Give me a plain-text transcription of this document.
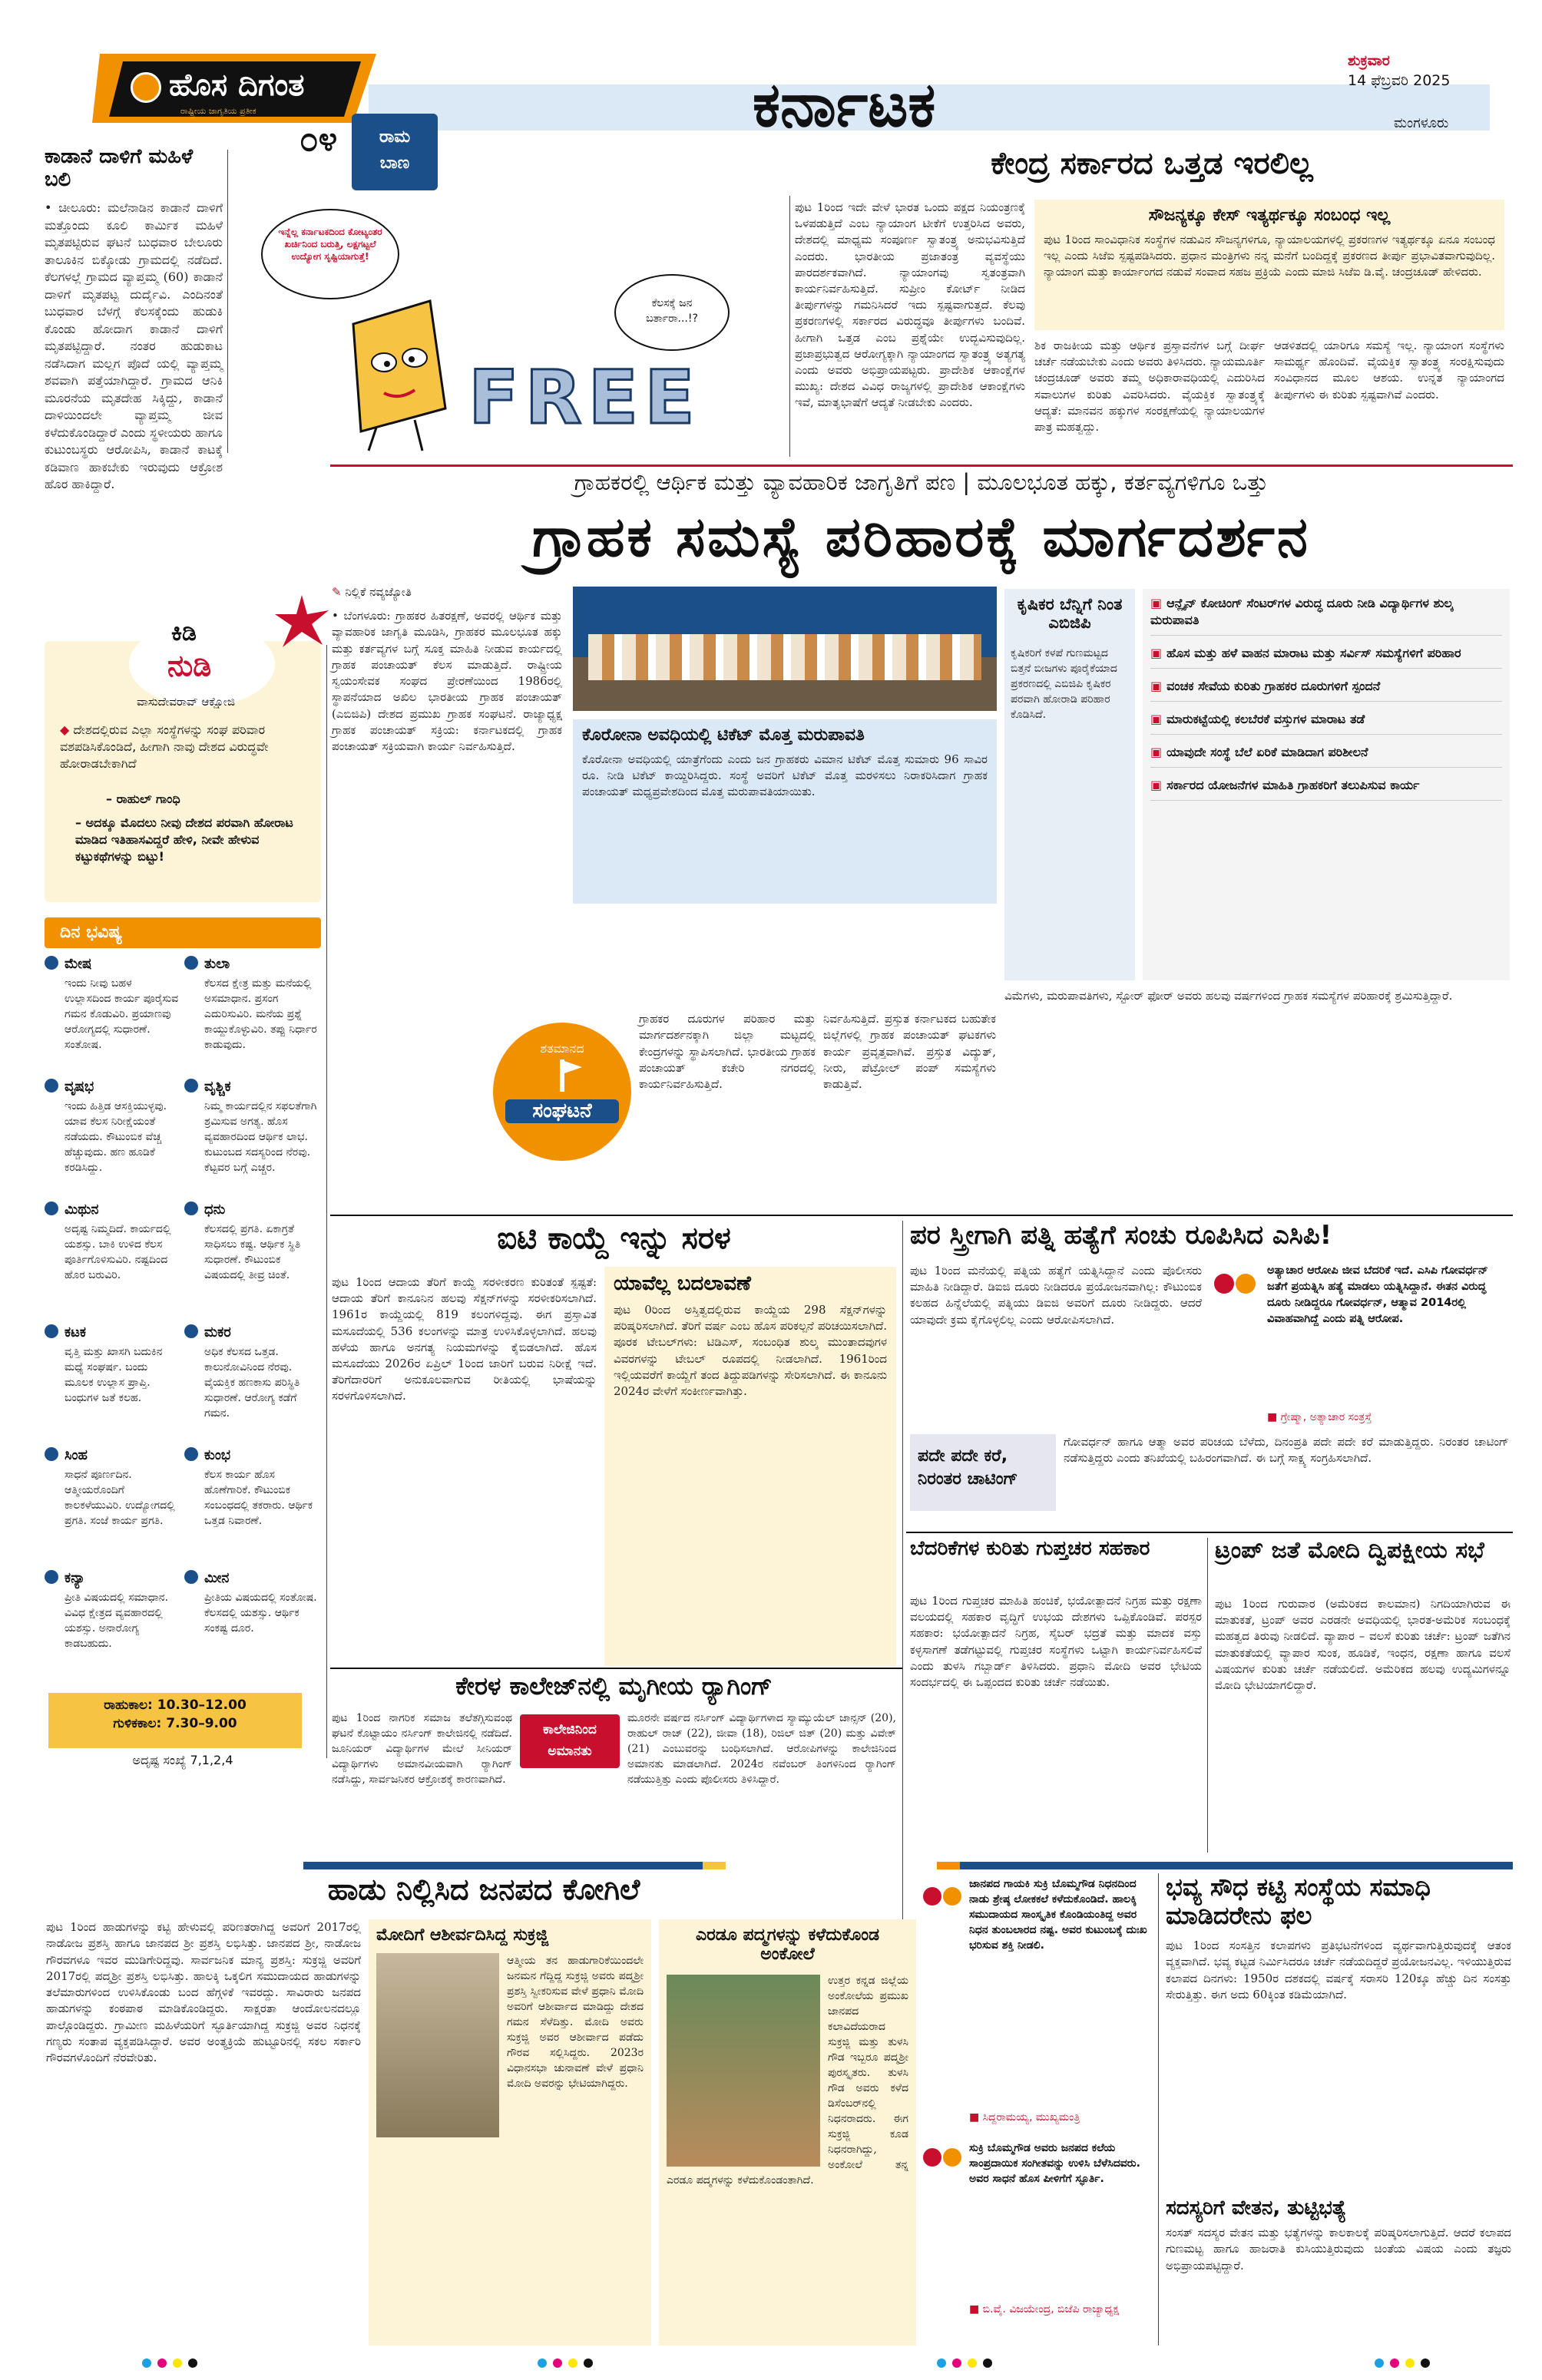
ಹೊಸ ದಿಗಂತ
ರಾಷ್ಟ್ರೀಯ ಜಾಗೃತಿಯ ಪ್ರತೀಕ
೦೪	ಕರ್ನಾಟಕ
ಶುಕ್ರವಾರ
14 ಫೆಬ್ರವರಿ 2025
ಮಂಗಳೂರು
ರಾಮ ಬಾಣ
ಕಾಡಾನೆ ದಾಳಿಗೆ ಮಹಿಳೆ ಬಲಿ
• ಚೀಲೂರು: ಮಲೆನಾಡಿನ ಕಾಡಾನೆ ದಾಳಿಗೆ ಮತ್ತೊಂದು ಕೂಲಿ ಕಾರ್ಮಿಕ ಮಹಿಳೆ ಮೃತಪಟ್ಟಿರುವ ಘಟನೆ ಬುಧವಾರ ಬೇಲೂರು ತಾಲೂಕಿನ ಬಿಕ್ಕೋಡು ಗ್ರಾಮದಲ್ಲಿ ನಡೆದಿದೆ. ಕೆಲಗಳಲ್ಲೆ ಗ್ರಾಮದ ವ್ಯಾಪ್ತಮ್ಮ (60) ಕಾಡಾನೆ ದಾಳಿಗೆ ಮೃತಪಟ್ಟ ದುರ್ದೈವಿ. ಎಂದಿನಂತೆ ಬುಧವಾರ ಬೆಳಗ್ಗೆ ಕೆಲಸಕ್ಕೆಂದು ಹುಡುಕಿ ಕೊಂಡು ಹೋದಾಗ ಕಾಡಾನೆ ದಾಳಿಗೆ ಮೃತಪಟ್ಟಿದ್ದಾರೆ. ನಂತರ ಹುಡುಕಾಟ ನಡೆಸಿದಾಗ ಮಲ್ಲಗ ಪೊದೆ ಯಲ್ಲಿ ವ್ಯಾಪ್ತಮ್ಮ ಶವವಾಗಿ ಪತ್ತೆಯಾಗಿದ್ದಾರೆ. ಗ್ರಾಮದ ಆನಿಕಿ ಮೂರನೆಯ ಮೃತದೇಹ ಸಿಕ್ಕಿದ್ದು, ಕಾಡಾನೆ ದಾಳಿಯಿಂದಲೇ ವ್ಯಾಪ್ತಮ್ಮ ಜೀವ ಕಳೆದುಕೊಂಡಿದ್ದಾರೆ ಎಂದು ಸ್ಥಳೀಯರು ಹಾಗೂ ಕುಟುಂಬಸ್ಥರು ಆರೋಪಿಸಿ, ಕಾಡಾನೆ ಕಾಟಕ್ಕೆ ಕಡಿವಾಣ ಹಾಕಬೇಕು ಇರುವುದು ಆಕ್ರೋಶ ಹೊರ ಹಾಕಿದ್ದಾರೆ.
ಕಿಡಿ
ನುಡಿ
ವಾಸುದೇವರಾವ್ ಆಕ್ಷೋಜಿ
◆ ದೇಶದಲ್ಲಿರುವ ಎಲ್ಲಾ ಸಂಸ್ಥೆಗಳನ್ನು ಸಂಘ ಪರಿವಾರ ವಶಪಡಿಸಿಕೊಂಡಿದೆ, ಹೀಗಾಗಿ ನಾವು ದೇಶದ ವಿರುದ್ಧವೇ ಹೋರಾಡಬೇಕಾಗಿದೆ
– ರಾಹುಲ್ ಗಾಂಧಿ
– ಅದಕ್ಕೂ ಮೊದಲು ನೀವು ದೇಶದ ಪರವಾಗಿ ಹೋರಾಟ ಮಾಡಿದ ಇತಿಹಾಸವಿದ್ದರೆ ಹೇಳಿ, ನೀವೇ ಹೇಳುವ ಕಟ್ಟುಕಥೆಗಳನ್ನು ಬಿಟ್ಟು!
ದಿನ ಭವಿಷ್ಯ
ಮೇಷ
ಇಂದು ನೀವು ಬಹಳ ಉಲ್ಲಾಸದಿಂದ ಕಾರ್ಯ ಪೂರೈಸುವ ಗಮನ ಕೊಡುವಿರಿ. ಪ್ರಯಾಣವು ಆರೋಗ್ಯದಲ್ಲಿ ಸುಧಾರಣೆ. ಸಂತೋಷ.
ತುಲಾ
ಕೆಲಸದ ಕ್ಷೇತ್ರ ಮತ್ತು ಮನೆಯಲ್ಲಿ ಅಸಮಾಧಾನ. ಪ್ರಸಂಗ ಎದುರಿಸುವಿರಿ. ಮನೆಯ ಪ್ರಶ್ನೆ ಕಾಯ್ದುಕೊಳ್ಳುವಿರಿ. ತಪ್ಪು ನಿರ್ಧಾರ ಕಾಡುವುದು.
ವೃಷಭ
ಇಂದು ಹಿತ್ತಿಡ ಆಸಕ್ತಿಯುಳ್ಳವು. ಯಾವ ಕೆಲಸ ನಿರೀಕ್ಷೆಯಂತೆ ನಡೆಯದು. ಕೌಟುಂಬಿಕ ವೆಚ್ಚ ಹೆಚ್ಚುವುದು. ಹಣ ಹೂಡಿಕೆ ಕರಡಿಸಿದ್ದು.
ವೃಶ್ಚಿಕ
ನಿಮ್ಮ ಕಾರ್ಯದಲ್ಲಿನ ಸಫಲತೆಗಾಗಿ ಶ್ರಮಿಸುವ ಅಗತ್ಯ. ಹೊಸ ವ್ಯವಹಾರದಿಂದ ಆರ್ಥಿಕ ಲಾಭ. ಕುಟುಂಬದ ಸದಸ್ಯರಿಂದ ನೆರವು. ಕೆಟ್ಟವರ ಬಗ್ಗೆ ಎಚ್ಚರ.
ಮಿಥುನ
ಅದೃಷ್ಟ ನಿಮ್ಮದಿದೆ. ಕಾರ್ಯದಲ್ಲಿ ಯಶಸ್ಸು. ಬಾಕಿ ಉಳಿದ ಕೆಲಸ ಪೂರ್ತಿಗೊಳಿಸುವಿರಿ. ನಷ್ಟದಿಂದ ಹೊರ ಬರುವಿರಿ.
ಧನು
ಕೆಲಸದಲ್ಲಿ ಪ್ರಗತಿ. ಏಕಾಗ್ರತೆ ಸಾಧಿಸಲು ಕಷ್ಟ. ಆರ್ಥಿಕ ಸ್ಥಿತಿ ಸುಧಾರಣೆ. ಕೌಟುಂಬಿಕ ವಿಷಯದಲ್ಲಿ ತೀವ್ರ ಚಿಂತೆ.
ಕಟಕ
ವೃತ್ತಿ ಮತ್ತು ಖಾಸಗಿ ಬದುಕಿನ ಮಧ್ಯೆ ಸಂಘರ್ಷ. ಬಂದು ಮೂಲಕ ಉಲ್ಲಾಸ ಪ್ರಾಪ್ತಿ. ಬಂಧುಗಳ ಜತೆ ಕಲಹ.
ಮಕರ
ಅಧಿಕ ಕೆಲಸದ ಒತ್ತಡ. ಕಾಲುನೋವಿನಿಂದ ನೆರವು. ವೈಯಕ್ತಿಕ ಹಣಕಾಸು ಪರಿಸ್ಥಿತಿ ಸುಧಾರಣೆ. ಆರೋಗ್ಯ ಕಡೆಗೆ ಗಮನ.
ಸಿಂಹ
ಸಾಧನೆ ಪೂರ್ಣದಿನ. ಆತ್ಮೀಯರೊಂದಿಗೆ ಕಾಲಕಳೆಯುವಿರಿ. ಉದ್ಯೋಗದಲ್ಲಿ ಪ್ರಗತಿ. ಸಂಜೆ ಕಾರ್ಯ ಪ್ರಗತಿ.
ಕುಂಭ
ಕೆಲಸ ಕಾರ್ಯ ಹೊಸ ಹೊಣೆಗಾರಿಕೆ. ಕೌಟುಂಬಿಕ ಸಂಬಂಧದಲ್ಲಿ ತಕರಾರು. ಆರ್ಥಿಕ ಒತ್ತಡ ನಿವಾರಣೆ.
ಕನ್ಯಾ
ಪ್ರೀತಿ ವಿಷಯದಲ್ಲಿ ಸಮಾಧಾನ. ವಿವಿಧ ಕ್ಷೇತ್ರದ ವ್ಯವಹಾರದಲ್ಲಿ ಯಶಸ್ಸು. ಅನಾರೋಗ್ಯ ಕಾಡಬಹುದು.
ಮೀನ
ಪ್ರೀತಿಯ ವಿಷಯದಲ್ಲಿ ಸಂತೋಷ. ಕೆಲಸದಲ್ಲಿ ಯಶಸ್ಸು. ಆರ್ಥಿಕ ಸಂಕಷ್ಟ ದೂರ.
ರಾಹುಕಾಲ: 10.30–12.00
ಗುಳಿಕಕಾಲ: 7.30–9.00
ಅದೃಷ್ಟ ಸಂಖ್ಯೆ 7,1,2,4
ಇನ್ನೆಲ್ಲ ಕರ್ನಾಟಕದಿಂದ ಕೋಟ್ಯಂತರ ಖರ್ಚಿನಿಂದ ಬರುತ್ತಿ, ಲಕ್ಷಗಟ್ಟಲೆ ಉದ್ಯೋಗ ಸೃಷ್ಟಿಯಾಗುತ್ತೆ!
ಕೆಲಸಕ್ಕೆ ಜನ ಬರ್ತಾರಾ...!?
FREE
ಕೇಂದ್ರ ಸರ್ಕಾರದ ಒತ್ತಡ ಇರಲಿಲ್ಲ
ಪುಟ 1ರಿಂದ ಇದೇ ವೇಳೆ ಭಾರತ ಒಂದು ಪಕ್ಷದ ನಿಯಂತ್ರಣಕ್ಕೆ ಒಳಪಡುತ್ತಿದೆ ಎಂಬ ನ್ಯಾಯಾಂಗ ಟೀಕೆಗೆ ಉತ್ತರಿಸಿದ ಅವರು, ದೇಶದಲ್ಲಿ ಮಾಧ್ಯಮ ಸಂಪೂರ್ಣ ಸ್ವಾತಂತ್ರ್ಯ ಅನುಭವಿಸುತ್ತಿದೆ ಎಂದರು. ಭಾರತೀಯ ಪ್ರಜಾತಂತ್ರ ವ್ಯವಸ್ಥೆಯು ಪಾರದರ್ಶಕವಾಗಿದೆ. ನ್ಯಾಯಾಂಗವು ಸ್ವತಂತ್ರವಾಗಿ ಕಾರ್ಯನಿರ್ವಹಿಸುತ್ತಿದೆ. ಸುಪ್ರೀಂ ಕೋರ್ಟ್ ನೀಡಿದ ತೀರ್ಪುಗಳನ್ನು ಗಮನಿಸಿದರೆ ಇದು ಸ್ಪಷ್ಟವಾಗುತ್ತದೆ. ಕೆಲವು ಪ್ರಕರಣಗಳಲ್ಲಿ ಸರ್ಕಾರದ ವಿರುದ್ಧವೂ ತೀರ್ಪುಗಳು ಬಂದಿವೆ. ಹೀಗಾಗಿ ಒತ್ತಡ ಎಂಬ ಪ್ರಶ್ನೆಯೇ ಉದ್ಭವಿಸುವುದಿಲ್ಲ. ಪ್ರಜಾಪ್ರಭುತ್ವದ ಆರೋಗ್ಯಕ್ಕಾಗಿ ನ್ಯಾಯಾಂಗದ ಸ್ವಾತಂತ್ರ್ಯ ಅತ್ಯಗತ್ಯ ಎಂದು ಅವರು ಅಭಿಪ್ರಾಯಪಟ್ಟರು. ಪ್ರಾದೇಶಿಕ ಆಕಾಂಕ್ಷೆಗಳ ಮುಖ್ಯ: ದೇಶದ ವಿವಿಧ ರಾಜ್ಯಗಳಲ್ಲಿ ಪ್ರಾದೇಶಿಕ ಆಕಾಂಕ್ಷೆಗಳು ಇವೆ, ಮಾತೃಭಾಷೆಗೆ ಆದ್ಯತೆ ನೀಡಬೇಕು ಎಂದರು.
ಸೌಜನ್ಯಕ್ಕೂ ಕೇಸ್ ಇತ್ಯರ್ಥಕ್ಕೂ ಸಂಬಂಧ ಇಲ್ಲ
ಪುಟ 1ರಿಂದ ಸಾಂವಿಧಾನಿಕ ಸಂಸ್ಥೆಗಳ ನಡುವಿನ ಸೌಜನ್ಯಗಳಿಗೂ, ನ್ಯಾಯಾಲಯಗಳಲ್ಲಿ ಪ್ರಕರಣಗಳ ಇತ್ಯರ್ಥಕ್ಕೂ ಏನೂ ಸಂಬಂಧ ಇಲ್ಲ ಎಂದು ಸಿಜೆಐ ಸ್ಪಷ್ಟಪಡಿಸಿದರು. ಪ್ರಧಾನ ಮಂತ್ರಿಗಳು ನನ್ನ ಮನೆಗೆ ಬಂದಿದ್ದಕ್ಕೆ ಪ್ರಕರಣದ ತೀರ್ಪು ಪ್ರಭಾವಿತವಾಗುವುದಿಲ್ಲ. ನ್ಯಾಯಾಂಗ ಮತ್ತು ಕಾರ್ಯಾಂಗದ ನಡುವೆ ಸಂವಾದ ಸಹಜ ಪ್ರಕ್ರಿಯೆ ಎಂದು ಮಾಜಿ ಸಿಜೆಐ ಡಿ.ವೈ. ಚಂದ್ರಚೂಡ್ ಹೇಳಿದರು.
ಶಿಕ ರಾಜಕೀಯ ಮತ್ತು ಆರ್ಥಿಕ ಪ್ರಸ್ತಾವನೆಗಳ ಬಗ್ಗೆ ದೀರ್ಘ ಚರ್ಚೆ ನಡೆಯಬೇಕು ಎಂದು ಅವರು ತಿಳಿಸಿದರು. ನ್ಯಾಯಮೂರ್ತಿ ಚಂದ್ರಚೂಡ್ ಅವರು ತಮ್ಮ ಅಧಿಕಾರಾವಧಿಯಲ್ಲಿ ಎದುರಿಸಿದ ಸವಾಲುಗಳ ಕುರಿತು ವಿವರಿಸಿದರು. ವೈಯಕ್ತಿಕ ಸ್ವಾತಂತ್ರ್ಯಕ್ಕೆ ಆದ್ಯತೆ: ಮಾನವನ ಹಕ್ಕುಗಳ ಸಂರಕ್ಷಣೆಯಲ್ಲಿ ನ್ಯಾಯಾಲಯಗಳ ಪಾತ್ರ ಮಹತ್ವದ್ದು.
ಆಡಳಿತದಲ್ಲಿ ಯಾರಿಗೂ ಸಮಸ್ಯೆ ಇಲ್ಲ. ನ್ಯಾಯಾಂಗ ಸಂಸ್ಥೆಗಳು ಸಾಮರ್ಥ್ಯ ಹೊಂದಿವೆ. ವೈಯಕ್ತಿಕ ಸ್ವಾತಂತ್ರ್ಯ ಸಂರಕ್ಷಿಸುವುದು ಸಂವಿಧಾನದ ಮೂಲ ಆಶಯ. ಉನ್ನತ ನ್ಯಾಯಾಂಗದ ತೀರ್ಪುಗಳು ಈ ಕುರಿತು ಸ್ಪಷ್ಟವಾಗಿವೆ ಎಂದರು.
ಗ್ರಾಹಕರಲ್ಲಿ ಆರ್ಥಿಕ ಮತ್ತು ವ್ಯಾವಹಾರಿಕ ಜಾಗೃತಿಗೆ ಪಣ | ಮೂಲಭೂತ ಹಕ್ಕು, ಕರ್ತವ್ಯಗಳಿಗೂ ಒತ್ತು
ಗ್ರಾಹಕ ಸಮಸ್ಯೆ ಪರಿಹಾರಕ್ಕೆ ಮಾರ್ಗದರ್ಶನ
✎ ನಿಲ್ಲಿಕೆ ನವ್ಯಜ್ಯೋತಿ
• ಬೆಂಗಳೂರು: ಗ್ರಾಹಕರ ಹಿತರಕ್ಷಣೆ, ಅವರಲ್ಲಿ ಆರ್ಥಿಕ ಮತ್ತು ವ್ಯಾವಹಾರಿಕ ಜಾಗೃತಿ ಮೂಡಿಸಿ, ಗ್ರಾಹಕರ ಮೂಲಭೂತ ಹಕ್ಕು ಮತ್ತು ಕರ್ತವ್ಯಗಳ ಬಗ್ಗೆ ಸೂಕ್ತ ಮಾಹಿತಿ ನೀಡುವ ಕಾರ್ಯದಲ್ಲಿ ಗ್ರಾಹಕ ಪಂಚಾಯತ್ ಕೆಲಸ ಮಾಡುತ್ತಿದೆ. ರಾಷ್ಟ್ರೀಯ ಸ್ವಯಂಸೇವಕ ಸಂಘದ ಪ್ರೇರಣೆಯಿಂದ 1986ರಲ್ಲಿ ಸ್ಥಾಪನೆಯಾದ ಅಖಿಲ ಭಾರತೀಯ ಗ್ರಾಹಕ ಪಂಚಾಯತ್ (ಎಬಿಜಿಪಿ) ದೇಶದ ಪ್ರಮುಖ ಗ್ರಾಹಕ ಸಂಘಟನೆ. ರಾಜ್ಯಾಧ್ಯಕ್ಷ ಗ್ರಾಹಕ ಪಂಚಾಯತ್ ಸಕ್ರಿಯ: ಕರ್ನಾಟಕದಲ್ಲಿ ಗ್ರಾಹಕ ಪಂಚಾಯತ್ ಸಕ್ರಿಯವಾಗಿ ಕಾರ್ಯ ನಿರ್ವಹಿಸುತ್ತಿದೆ.
ಕೊರೋನಾ ಅವಧಿಯಲ್ಲಿ ಟಿಕೆಟ್ ಮೊತ್ತ ಮರುಪಾವತಿ
ಕೊರೋನಾ ಅವಧಿಯಲ್ಲಿ ಯಾತ್ರೆಗೆಂದು ಎಂದು ಜನ ಗ್ರಾಹಕರು ವಿಮಾನ ಟಿಕೆಟ್ ಮೊತ್ತ ಸುಮಾರು 96 ಸಾವಿರ ರೂ. ನೀಡಿ ಟಿಕೆಟ್ ಕಾಯ್ದಿರಿಸಿದ್ದರು. ಸಂಸ್ಥೆ ಅವರಿಗೆ ಟಿಕೆಟ್ ಮೊತ್ತ ಮರಳಿಸಲು ನಿರಾಕರಿಸಿದಾಗ ಗ್ರಾಹಕ ಪಂಚಾಯತ್ ಮಧ್ಯಪ್ರವೇಶದಿಂದ ಮೊತ್ತ ಮರುಪಾವತಿಯಾಯಿತು.
ಕೃಷಿಕರ ಬೆನ್ನಿಗೆ ನಿಂತ ಎಬಿಜಿಪಿ
ಕೃಷಿಕರಿಗೆ ಕಳಪೆ ಗುಣಮಟ್ಟದ ಬಿತ್ತನೆ ಬೀಜಗಳು ಪೂರೈಕೆಯಾದ ಪ್ರಕರಣದಲ್ಲಿ ಎಬಿಜಿಪಿ ಕೃಷಿಕರ ಪರವಾಗಿ ಹೋರಾಡಿ ಪರಿಹಾರ ಕೊಡಿಸಿದೆ.
▣ ಆನ್ಲೈನ್ ಕೋಚಿಂಗ್ ಸೆಂಟರ್‌ಗಳ ವಿರುದ್ಧ ದೂರು ನೀಡಿ ವಿದ್ಯಾರ್ಥಿಗಳ ಶುಲ್ಕ ಮರುಪಾವತಿ
▣ ಹೊಸ ಮತ್ತು ಹಳೆ ವಾಹನ ಮಾರಾಟ ಮತ್ತು ಸರ್ವಿಸ್ ಸಮಸ್ಯೆಗಳಿಗೆ ಪರಿಹಾರ
▣ ವಂಚಕ ಸೇವೆಯ ಕುರಿತು ಗ್ರಾಹಕರ ದೂರುಗಳಿಗೆ ಸ್ಪಂದನೆ
▣ ಮಾರುಕಟ್ಟೆಯಲ್ಲಿ ಕಲಬೆರಕೆ ವಸ್ತುಗಳ ಮಾರಾಟ ತಡೆ
▣ ಯಾವುದೇ ಸಂಸ್ಥೆ ಬೆಲೆ ಏರಿಕೆ ಮಾಡಿದಾಗ ಪರಿಶೀಲನೆ
▣ ಸರ್ಕಾರದ ಯೋಜನೆಗಳ ಮಾಹಿತಿ ಗ್ರಾಹಕರಿಗೆ ತಲುಪಿಸುವ ಕಾರ್ಯ
ಶತಮಾನದ
ಸಂಘಟನೆ
ಗ್ರಾಹಕರ ದೂರುಗಳ ಪರಿಹಾರ ಮತ್ತು ಮಾರ್ಗದರ್ಶನಕ್ಕಾಗಿ ಜಿಲ್ಲಾ ಮಟ್ಟದಲ್ಲಿ ಕೇಂದ್ರಗಳನ್ನು ಸ್ಥಾಪಿಸಲಾಗಿದೆ. ಭಾರತೀಯ ಗ್ರಾಹಕ ಪಂಚಾಯತ್ ಕಚೇರಿ ನಗರದಲ್ಲಿ ಕಾರ್ಯನಿರ್ವಹಿಸುತ್ತಿದೆ.
ನಿರ್ವಹಿಸುತ್ತಿದೆ. ಪ್ರಸ್ತುತ ಕರ್ನಾಟಕದ ಬಹುತೇಕ ಜಿಲ್ಲೆಗಳಲ್ಲಿ ಗ್ರಾಹಕ ಪಂಚಾಯತ್ ಘಟಕಗಳು ಕಾರ್ಯ ಪ್ರವೃತ್ತವಾಗಿವೆ. ಪ್ರಸ್ತುತ ವಿದ್ಯುತ್, ನೀರು, ಪೆಟ್ರೋಲ್ ಪಂಪ್ ಸಮಸ್ಯೆಗಳು ಕಾಡುತ್ತಿವೆ.
ವಿಮೆಗಳು, ಮರುಪಾವತಿಗಳು, ಸ್ಟೋರ್ ಫೋರ್ ಅವರು ಹಲವು ವರ್ಷಗಳಿಂದ ಗ್ರಾಹಕ ಸಮಸ್ಯೆಗಳ ಪರಿಹಾರಕ್ಕೆ ಶ್ರಮಿಸುತ್ತಿದ್ದಾರೆ.
ಐಟಿ ಕಾಯ್ದೆ ಇನ್ನು ಸರಳ
ಪುಟ 1ರಿಂದ ಆದಾಯ ತೆರಿಗೆ ಕಾಯ್ದೆ ಸರಳೀಕರಣ ಕುರಿತಂತೆ ಸ್ಪಷ್ಟತೆ: ಆದಾಯ ತೆರಿಗೆ ಕಾನೂನಿನ ಹಲವು ಸೆಕ್ಷನ್‌ಗಳನ್ನು ಸರಳೀಕರಿಸಲಾಗಿದೆ. 1961ರ ಕಾಯ್ದೆಯಲ್ಲಿ 819 ಕಲಂಗಳಿದ್ದವು. ಈಗ ಪ್ರಸ್ತಾವಿತ ಮಸೂದೆಯಲ್ಲಿ 536 ಕಲಂಗಳನ್ನು ಮಾತ್ರ ಉಳಿಸಿಕೊಳ್ಳಲಾಗಿದೆ. ಹಲವು ಹಳೆಯ ಹಾಗೂ ಅನಗತ್ಯ ನಿಯಮಗಳನ್ನು ಕೈಬಿಡಲಾಗಿದೆ. ಹೊಸ ಮಸೂದೆಯು 2026ರ ಏಪ್ರಿಲ್ 1ರಿಂದ ಜಾರಿಗೆ ಬರುವ ನಿರೀಕ್ಷೆ ಇದೆ. ತೆರಿಗೆದಾರರಿಗೆ ಅನುಕೂಲವಾಗುವ ರೀತಿಯಲ್ಲಿ ಭಾಷೆಯನ್ನು ಸರಳಗೊಳಿಸಲಾಗಿದೆ.
ಯಾವೆಲ್ಲ ಬದಲಾವಣೆ
ಪುಟ 0ರಿಂದ ಅಸ್ತಿತ್ವದಲ್ಲಿರುವ ಕಾಯ್ದೆಯ 298 ಸೆಕ್ಷನ್‌ಗಳನ್ನು ಪರಿಷ್ಕರಿಸಲಾಗಿದೆ. ತೆರಿಗೆ ವರ್ಷ ಎಂಬ ಹೊಸ ಪರಿಕಲ್ಪನೆ ಪರಿಚಯಿಸಲಾಗಿದೆ. ಪೂರಕ ಟೇಬಲ್‌ಗಳು: ಟಿಡಿಎಸ್, ಸಂಬಂಧಿತ ಶುಲ್ಕ ಮುಂತಾದವುಗಳ ವಿವರಗಳನ್ನು ಟೇಬಲ್ ರೂಪದಲ್ಲಿ ನೀಡಲಾಗಿದೆ. 1961ರಿಂದ ಇಲ್ಲಿಯವರೆಗೆ ಕಾಯ್ದೆಗೆ ತಂದ ತಿದ್ದುಪಡಿಗಳನ್ನು ಸೇರಿಸಲಾಗಿದೆ. ಈ ಕಾನೂನು 2024ರ ವೇಳೆಗೆ ಸಂಕೀರ್ಣವಾಗಿತ್ತು.
ಪರ ಸ್ತ್ರೀಗಾಗಿ ಪತ್ನಿ ಹತ್ಯೆಗೆ ಸಂಚು ರೂಪಿಸಿದ ಎಸಿಪಿ!
ಪುಟ 1ರಿಂದ ಮನೆಯಲ್ಲಿ ಪತ್ನಿಯ ಹತ್ಯೆಗೆ ಯತ್ನಿಸಿದ್ದಾನೆ ಎಂದು ಪೊಲೀಸರು ಮಾಹಿತಿ ನೀಡಿದ್ದಾರೆ. ಡಿಐಜಿ ದೂರು ನೀಡಿದರೂ ಪ್ರಯೋಜನವಾಗಿಲ್ಲ: ಕೌಟುಂಬಿಕ ಕಲಹದ ಹಿನ್ನೆಲೆಯಲ್ಲಿ ಪತ್ನಿಯು ಡಿಐಜಿ ಅವರಿಗೆ ದೂರು ನೀಡಿದ್ದರು. ಆದರೆ ಯಾವುದೇ ಕ್ರಮ ಕೈಗೊಳ್ಳಲಿಲ್ಲ ಎಂದು ಆರೋಪಿಸಲಾಗಿದೆ.
ಅತ್ಯಾಚಾರ ಆರೋಪಿ ಜೀವ ಬೆದರಿಕೆ ಇದೆ. ಎಸಿಪಿ ಗೋವರ್ಧನ್ ಜತೆಗೆ ಪ್ರಯತ್ನಿಸಿ ಹತ್ಯೆ ಮಾಡಲು ಯತ್ನಿಸಿದ್ದಾನೆ. ಈತನ ವಿರುದ್ಧ ದೂರು ನೀಡಿದ್ದರೂ ಗೋವರ್ಧನ್, ಆತ್ಮಾವ 2014ರಲ್ಲಿ ವಿವಾಹವಾಗಿದ್ದೆ ಎಂದು ಪತ್ನಿ ಆರೋಪ.
■ ಗ್ರೇಷ್ಮಾ, ಅತ್ಯಾಚಾರ ಸಂತ್ರಸ್ತೆ
ಪದೇ ಪದೇ ಕರೆ, ನಿರಂತರ ಚಾಟಿಂಗ್
ಗೋವರ್ಧನ್ ಹಾಗೂ ಆತ್ಮಾ ಅವರ ಪರಿಚಯ ಬೆಳೆದು, ದಿನಂಪ್ರತಿ ಪದೇ ಪದೇ ಕರೆ ಮಾಡುತ್ತಿದ್ದರು. ನಿರಂತರ ಚಾಟಿಂಗ್ ನಡೆಸುತ್ತಿದ್ದರು ಎಂದು ತನಿಖೆಯಲ್ಲಿ ಬಹಿರಂಗವಾಗಿದೆ. ಈ ಬಗ್ಗೆ ಸಾಕ್ಷ್ಯ ಸಂಗ್ರಹಿಸಲಾಗಿದೆ.
ಬೆದರಿಕೆಗಳ ಕುರಿತು ಗುಪ್ತಚರ ಸಹಕಾರ
ಪುಟ 1ರಿಂದ ಗುಪ್ತಚರ ಮಾಹಿತಿ ಹಂಚಿಕೆ, ಭಯೋತ್ಪಾದನೆ ನಿಗ್ರಹ ಮತ್ತು ರಕ್ಷಣಾ ವಲಯದಲ್ಲಿ ಸಹಕಾರ ವೃದ್ಧಿಗೆ ಉಭಯ ದೇಶಗಳು ಒಪ್ಪಿಕೊಂಡಿವೆ. ಪರಸ್ಪರ ಸಹಕಾರ: ಭಯೋತ್ಪಾದನೆ ನಿಗ್ರಹ, ಸೈಬರ್ ಭದ್ರತೆ ಮತ್ತು ಮಾದಕ ವಸ್ತು ಕಳ್ಳಸಾಗಣೆ ತಡೆಗಟ್ಟುವಲ್ಲಿ ಗುಪ್ತಚರ ಸಂಸ್ಥೆಗಳು ಒಟ್ಟಾಗಿ ಕಾರ್ಯನಿರ್ವಹಿಸಲಿವೆ ಎಂದು ತುಳಸಿ ಗಬ್ಬಾರ್ಡ್ ತಿಳಿಸಿದರು. ಪ್ರಧಾನಿ ಮೋದಿ ಅವರ ಭೇಟಿಯ ಸಂದರ್ಭದಲ್ಲಿ ಈ ಒಪ್ಪಂದದ ಕುರಿತು ಚರ್ಚೆ ನಡೆಯಿತು.
ಟ್ರಂಪ್ ಜತೆ ಮೋದಿ ದ್ವಿಪಕ್ಷೀಯ ಸಭೆ
ಪುಟ 1ರಿಂದ ಗುರುವಾರ (ಅಮೆರಿಕದ ಕಾಲಮಾನ) ನಿಗದಿಯಾಗಿರುವ ಈ ಮಾತುಕತೆ, ಟ್ರಂಪ್ ಅವರ ಎರಡನೇ ಅವಧಿಯಲ್ಲಿ ಭಾರತ-ಅಮೆರಿಕ ಸಂಬಂಧಕ್ಕೆ ಮಹತ್ವದ ತಿರುವು ನೀಡಲಿದೆ. ವ್ಯಾಪಾರ – ವಲಸೆ ಕುರಿತು ಚರ್ಚೆ: ಟ್ರಂಪ್ ಜತೆಗಿನ ಮಾತುಕತೆಯಲ್ಲಿ ವ್ಯಾಪಾರ ಸುಂಕ, ಹೂಡಿಕೆ, ಇಂಧನ, ರಕ್ಷಣಾ ಹಾಗೂ ವಲಸೆ ವಿಷಯಗಳ ಕುರಿತು ಚರ್ಚೆ ನಡೆಯಲಿದೆ. ಅಮೆರಿಕದ ಹಲವು ಉದ್ಯಮಿಗಳನ್ನೂ ಮೋದಿ ಭೇಟಿಯಾಗಲಿದ್ದಾರೆ.
ಕೇರಳ ಕಾಲೇಜ್‌ನಲ್ಲಿ ಮೃಗೀಯ ರ್‍ಯಾಗಿಂಗ್
ಪುಟ 1ರಿಂದ ನಾಗರಿಕ ಸಮಾಜ ತಲೆತಗ್ಗಿಸುವಂಥ ಘಟನೆ ಕೊಟ್ಟಾಯಂ ನರ್ಸಿಂಗ್ ಕಾಲೇಜಿನಲ್ಲಿ ನಡೆದಿದೆ. ಜೂನಿಯರ್ ವಿದ್ಯಾರ್ಥಿಗಳ ಮೇಲೆ ಸೀನಿಯರ್ ವಿದ್ಯಾರ್ಥಿಗಳು ಅಮಾನವೀಯವಾಗಿ ರ್‍ಯಾಗಿಂಗ್ ನಡೆಸಿದ್ದು, ಸಾರ್ವಜನಿಕರ ಆಕ್ರೋಶಕ್ಕೆ ಕಾರಣವಾಗಿದೆ.
ಕಾಲೇಜಿನಿಂದ ಅಮಾನತು
ಮೂರನೇ ವರ್ಷದ ನರ್ಸಿಂಗ್ ವಿದ್ಯಾರ್ಥಿಗಳಾದ ಸ್ಯಾಮ್ಯುಯೆಲ್ ಜಾನ್ಸನ್ (20), ರಾಹುಲ್ ರಾಜ್ (22), ಜೀವಾ (18), ರಿಜಿಲ್ ಜಿತ್ (20) ಮತ್ತು ವಿವೇಕ್ (21) ಎಂಬುವರನ್ನು ಬಂಧಿಸಲಾಗಿದೆ. ಆರೋಪಿಗಳನ್ನು ಕಾಲೇಜಿನಿಂದ ಅಮಾನತು ಮಾಡಲಾಗಿದೆ. 2024ರ ನವೆಂಬರ್ ತಿಂಗಳಿನಿಂದ ರ್‍ಯಾಗಿಂಗ್ ನಡೆಯುತ್ತಿತ್ತು ಎಂದು ಪೊಲೀಸರು ತಿಳಿಸಿದ್ದಾರೆ.
ಹಾಡು ನಿಲ್ಲಿಸಿದ ಜನಪದ ಕೋಗಿಲೆ
ಪುಟ 1ರಿಂದ ಹಾಡುಗಳನ್ನು ಕಟ್ಟಿ ಹೇಳುವಲ್ಲಿ ಪರಿಣತರಾಗಿದ್ದ ಅವರಿಗೆ 2017ರಲ್ಲಿ ನಾಡೋಜ ಪ್ರಶಸ್ತಿ ಹಾಗೂ ಜಾನಪದ ಶ್ರೀ ಪ್ರಶಸ್ತಿ ಲಭಿಸಿತ್ತು. ಜಾನಪದ ಶ್ರೀ, ನಾಡೋಜ ಗೌರವಗಳೂ ಇವರ ಮುಡಿಗೇರಿದ್ದವು. ಸಾರ್ವಜನಿಕ ಮಾನ್ಯ ಪ್ರಶಸ್ತಿ: ಸುಕ್ರಜ್ಜಿ ಅವರಿಗೆ 2017ರಲ್ಲಿ ಪದ್ಮಶ್ರೀ ಪ್ರಶಸ್ತಿ ಲಭಿಸಿತ್ತು. ಹಾಲಕ್ಕಿ ಒಕ್ಕಲಿಗ ಸಮುದಾಯದ ಹಾಡುಗಳನ್ನು ತಲೆಮಾರುಗಳಿಂದ ಉಳಿಸಿಕೊಂಡು ಬಂದ ಹೆಗ್ಗಳಿಕೆ ಇವರದ್ದು. ಸಾವಿರಾರು ಜನಪದ ಹಾಡುಗಳನ್ನು ಕಂಠಪಾಠ ಮಾಡಿಕೊಂಡಿದ್ದರು. ಸಾಕ್ಷರತಾ ಆಂದೋಲನದಲ್ಲೂ ಪಾಲ್ಗೊಂಡಿದ್ದರು. ಗ್ರಾಮೀಣ ಮಹಿಳೆಯರಿಗೆ ಸ್ಫೂರ್ತಿಯಾಗಿದ್ದ ಸುಕ್ರಜ್ಜಿ ಅವರ ನಿಧನಕ್ಕೆ ಗಣ್ಯರು ಸಂತಾಪ ವ್ಯಕ್ತಪಡಿಸಿದ್ದಾರೆ. ಅವರ ಅಂತ್ಯಕ್ರಿಯೆ ಹುಟ್ಟೂರಿನಲ್ಲಿ ಸಕಲ ಸರ್ಕಾರಿ ಗೌರವಗಳೊಂದಿಗೆ ನೆರವೇರಿತು.
ಮೋದಿಗೆ ಆಶೀರ್ವದಿಸಿದ್ದ ಸುಕ್ರಜ್ಜಿ
ಆತ್ಮೀಯ ತನ ಹಾಡುಗಾರಿಕೆಯಿಂದಲೇ ಜನಮನ ಗೆದ್ದಿದ್ದ ಸುಕ್ರಜ್ಜಿ ಅವರು ಪದ್ಮಶ್ರೀ ಪ್ರಶಸ್ತಿ ಸ್ವೀಕರಿಸುವ ವೇಳೆ ಪ್ರಧಾನಿ ಮೋದಿ ಅವರಿಗೆ ಆಶೀರ್ವಾದ ಮಾಡಿದ್ದು ದೇಶದ ಗಮನ ಸೆಳೆದಿತ್ತು. ಮೋದಿ ಅವರು ಸುಕ್ರಜ್ಜಿ ಅವರ ಆಶೀರ್ವಾದ ಪಡೆದು ಗೌರವ ಸಲ್ಲಿಸಿದ್ದರು. 2023ರ ವಿಧಾನಸಭಾ ಚುನಾವಣೆ ವೇಳೆ ಪ್ರಧಾನಿ ಮೋದಿ ಅವರನ್ನು ಭೇಟಿಯಾಗಿದ್ದರು.
ಎರಡೂ ಪದ್ಮಗಳನ್ನು ಕಳೆದುಕೊಂಡ ಅಂಕೋಲೆ
ಉತ್ತರ ಕನ್ನಡ ಜಿಲ್ಲೆಯ ಅಂಕೋಲೆಯ ಪ್ರಮುಖ ಜಾನಪದ ಕಲಾವಿದೆಯರಾದ ಸುಕ್ರಜ್ಜಿ ಮತ್ತು ತುಳಸಿ ಗೌಡ ಇಬ್ಬರೂ ಪದ್ಮಶ್ರೀ ಪುರಸ್ಕೃತರು. ತುಳಸಿ ಗೌಡ ಅವರು ಕಳೆದ ಡಿಸೆಂಬರ್‌ನಲ್ಲಿ ನಿಧನರಾದರು. ಈಗ ಸುಕ್ರಜ್ಜಿ ಕೂಡ ನಿಧನರಾಗಿದ್ದು, ಅಂಕೋಲೆ ತನ್ನ ಎರಡೂ ಪದ್ಮಗಳನ್ನು ಕಳೆದುಕೊಂಡಂತಾಗಿದೆ.
ಜಾನಪದ ಗಾಯಕಿ ಸುಕ್ರಿ ಬೊಮ್ಮಗೌಡ ನಿಧನದಿಂದ ನಾಡು ಶ್ರೇಷ್ಠ ಲೋಕಕಲೆ ಕಳೆದುಕೊಂಡಿದೆ. ಹಾಲಕ್ಕಿ ಸಮುದಾಯದ ಸಾಂಸ್ಕೃತಿಕ ಕೊಂಡಿಯಂತಿದ್ದ ಅವರ ನಿಧನ ತುಂಬಲಾರದ ನಷ್ಟ. ಅವರ ಕುಟುಂಬಕ್ಕೆ ದುಃಖ ಭರಿಸುವ ಶಕ್ತಿ ನೀಡಲಿ.
■ ಸಿದ್ದರಾಮಯ್ಯ, ಮುಖ್ಯಮಂತ್ರಿ
ಸುಕ್ರಿ ಬೊಮ್ಮಗೌಡ ಅವರು ಜನಪದ ಕಲೆಯ ಸಾಂಪ್ರದಾಯಿಕ ಸಂಗೀತವನ್ನು ಉಳಿಸಿ ಬೆಳೆಸಿದವರು. ಅವರ ಸಾಧನೆ ಹೊಸ ಪೀಳಿಗೆಗೆ ಸ್ಫೂರ್ತಿ.
■ ಬಿ.ವೈ. ವಿಜಯೇಂದ್ರ, ಬಿಜೆಪಿ ರಾಜ್ಯಾಧ್ಯಕ್ಷ
ಭವ್ಯ ಸೌಧ ಕಟ್ಟಿ ಸಂಸ್ಥೆಯ ಸಮಾಧಿ ಮಾಡಿದರೇನು ಫಲ
ಪುಟ 1ರಿಂದ ಸಂಸತ್ತಿನ ಕಲಾಪಗಳು ಪ್ರತಿಭಟನೆಗಳಿಂದ ವ್ಯರ್ಥವಾಗುತ್ತಿರುವುದಕ್ಕೆ ಆತಂಕ ವ್ಯಕ್ತವಾಗಿದೆ. ಭವ್ಯ ಕಟ್ಟಡ ನಿರ್ಮಿಸಿದರೂ ಚರ್ಚೆ ನಡೆಯದಿದ್ದರೆ ಪ್ರಯೋಜನವಿಲ್ಲ. ಇಳಿಯುತ್ತಿರುವ ಕಲಾಪದ ದಿನಗಳು: 1950ರ ದಶಕದಲ್ಲಿ ವರ್ಷಕ್ಕೆ ಸರಾಸರಿ 120ಕ್ಕೂ ಹೆಚ್ಚು ದಿನ ಸಂಸತ್ತು ಸೇರುತ್ತಿತ್ತು. ಈಗ ಅದು 60ಕ್ಕಿಂತ ಕಡಿಮೆಯಾಗಿದೆ.
ಸದಸ್ಯರಿಗೆ ವೇತನ, ತುಟ್ಟಿಭತ್ಯೆ
ಸಂಸತ್ ಸದಸ್ಯರ ವೇತನ ಮತ್ತು ಭತ್ಯೆಗಳನ್ನು ಕಾಲಕಾಲಕ್ಕೆ ಪರಿಷ್ಕರಿಸಲಾಗುತ್ತಿದೆ. ಆದರೆ ಕಲಾಪದ ಗುಣಮಟ್ಟ ಹಾಗೂ ಹಾಜರಾತಿ ಕುಸಿಯುತ್ತಿರುವುದು ಚಿಂತೆಯ ವಿಷಯ ಎಂದು ತಜ್ಞರು ಅಭಿಪ್ರಾಯಪಟ್ಟಿದ್ದಾರೆ.
